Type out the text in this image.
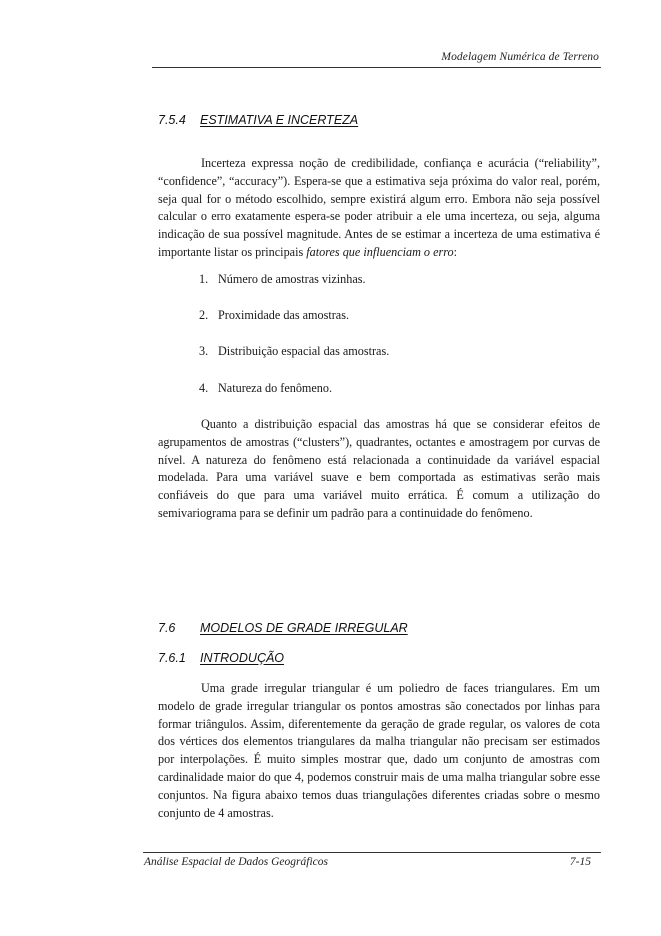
Modelagem Numérica de Terreno
7.5.4 ESTIMATIVA E INCERTEZA

Incerteza expressa noção de credibilidade, confiança e acurácia (“reliability”, “confidence”, “accuracy”). Espera-se que a estimativa seja próxima do valor real, porém, seja qual for o método escolhido, sempre existirá algum erro. Embora não seja possível calcular o erro exatamente espera-se poder atribuir a ele uma incerteza, ou seja, alguma indicação de sua possível magnitude. Antes de se estimar a incerteza de uma estimativa é importante listar os principais fatores que influenciam o erro:

1. Número de amostras vizinhas.
2. Proximidade das amostras.
3. Distribuição espacial das amostras.
4. Natureza do fenômeno.

Quanto a distribuição espacial das amostras há que se considerar efeitos de agrupamentos de amostras (“clusters”), quadrantes, octantes e amostragem por curvas de nível. A natureza do fenômeno está relacionada a continuidade da variável espacial modelada. Para uma variável suave e bem comportada as estimativas serão mais confiáveis do que para uma variável muito errática. É comum a utilização do semivariograma para se definir um padrão para a continuidade do fenômeno.

7.6 MODELOS DE GRADE IRREGULAR
7.6.1 INTRODUÇÃO

Uma grade irregular triangular é um poliedro de faces triangulares. Em um modelo de grade irregular triangular os pontos amostras são conectados por linhas para formar triângulos. Assim, diferentemente da geração de grade regular, os valores de cota dos vértices dos elementos triangulares da malha triangular não precisam ser estimados por interpolações. É muito simples mostrar que, dado um conjunto de amostras com cardinalidade maior do que 4, podemos construir mais de uma malha triangular sobre esse conjuntos. Na figura abaixo temos duas triangulações diferentes criadas sobre o mesmo conjunto de 4 amostras.

Análise Espacial de Dados Geográficos	7-15
